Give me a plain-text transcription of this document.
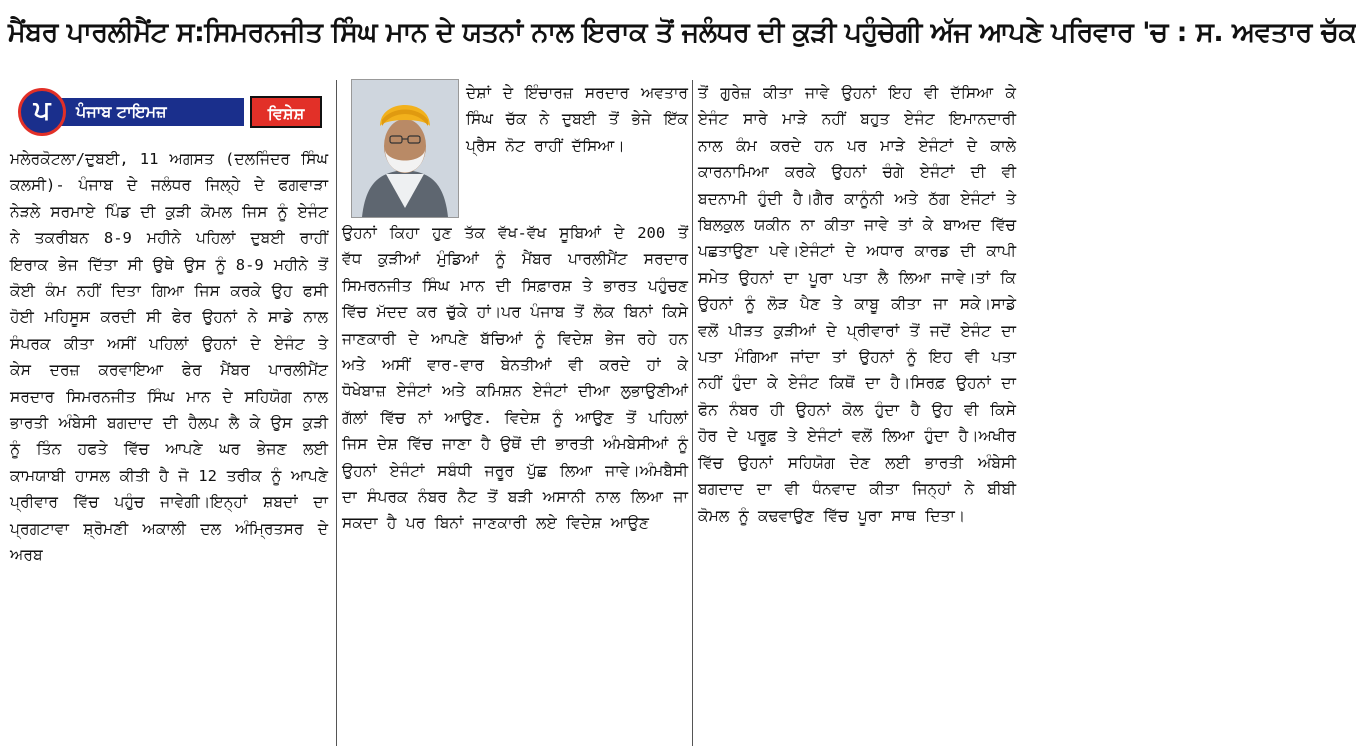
ਮੈਂਬਰ ਪਾਰਲੀਮੈਂਟ ਸ:ਸਿਮਰਨਜੀਤ ਸਿੰਘ ਮਾਨ ਦੇ ਯਤਨਾਂ ਨਾਲ ਇਰਾਕ ਤੋਂ ਜਲੰਧਰ ਦੀ ਕੁੜੀ ਪਹੁੰਚੇਗੀ ਅੱਜ ਆਪਣੇ ਪਰਿਵਾਰ 'ਚ : ਸ. ਅਵਤਾਰ ਚੱਕ
ਪੰਜਾਬ ਟਾਇਮਜ਼
ਪ	ਵਿਸ਼ੇਸ਼

ਮਲੇਰਕੋਟਲਾ/ਦੁਬਈ, 11 ਅਗਸਤ (ਦਲਜਿੰਦਰ ਸਿੰਘ ਕਲਸੀ)- ਪੰਜਾਬ ਦੇ ਜਲੰਧਰ ਜਿਲ੍ਹੇ ਦੇ ਫਗਵਾੜਾ ਨੇੜਲੇ ਸਰਮਾਏ ਪਿੰਡ ਦੀ ਕੁੜੀ ਕੋਮਲ ਜਿਸ ਨੂੰ ਏਜੰਟ ਨੇ ਤਕਰੀਬਨ 8-9 ਮਹੀਨੇ ਪਹਿਲਾਂ ਦੁਬਈ ਰਾਹੀਂ ਇਰਾਕ ਭੇਜ ਦਿੱਤਾ ਸੀ ਉਥੇ ਉਸ ਨੂੰ 8-9 ਮਹੀਨੇ ਤੋਂ ਕੋਈ ਕੰਮ ਨਹੀਂ ਦਿਤਾ ਗਿਆ ਜਿਸ ਕਰਕੇ ਉਹ ਫਸੀ ਹੋਈ ਮਹਿਸੂਸ ਕਰਦੀ ਸੀ ਫੇਰ ਉਹਨਾਂ ਨੇ ਸਾਡੇ ਨਾਲ ਸੰਪਰਕ ਕੀਤਾ ਅਸੀਂ ਪਹਿਲਾਂ ਉਹਨਾਂ ਦੇ ਏਜੰਟ ਤੇ ਕੇਸ ਦਰਜ਼ ਕਰਵਾਇਆ ਫੇਰ ਮੈਂਬਰ ਪਾਰਲੀਮੈਂਟ ਸਰਦਾਰ ਸਿਮਰਨਜੀਤ ਸਿੰਘ ਮਾਨ ਦੇ ਸਹਿਯੋਗ ਨਾਲ ਭਾਰਤੀ ਅੰਬੇਸੀ ਬਗਦਾਦ ਦੀ ਹੈਲਪ ਲੈ ਕੇ ਉਸ ਕੁੜੀ ਨੂੰ ਤਿੰਨ ਹਫਤੇ ਵਿੱਚ ਆਪਣੇ ਘਰ ਭੇਜਣ ਲਈ ਕਾਮਯਾਬੀ ਹਾਸਲ ਕੀਤੀ ਹੈ ਜੋ 12 ਤਰੀਕ ਨੂੰ ਆਪਣੇ ਪ੍ਰੀਵਾਰ ਵਿੱਚ ਪਹੁੰਚ ਜਾਵੇਗੀ।ਇਨ੍ਹਾਂ ਸ਼ਬਦਾਂ ਦਾ ਪ੍ਰਗਟਾਵਾ ਸ਼੍ਰੋਮਣੀ ਅਕਾਲੀ ਦਲ ਅੰਮ੍ਰਿਤਸਰ ਦੇ ਅਰਬ

ਦੇਸ਼ਾਂ ਦੇ ਇੰਚਾਰਜ਼ ਸਰਦਾਰ ਅਵਤਾਰ ਸਿੰਘ ਚੱਕ ਨੇ ਦੁਬਈ ਤੋਂ ਭੇਜੇ ਇੱਕ ਪ੍ਰੈਸ ਨੋਟ ਰਾਹੀਂ ਦੱਸਿਆ।

ਉਹਨਾਂ ਕਿਹਾ ਹੁਣ ਤੱਕ ਵੱਖ-ਵੱਖ ਸੂਬਿਆਂ ਦੇ 200 ਤੋਂ ਵੱਧ ਕੁੜੀਆਂ ਮੁੰਡਿਆਂ ਨੂੰ ਮੈਂਬਰ ਪਾਰਲੀਮੈਂਟ ਸਰਦਾਰ ਸਿਮਰਨਜੀਤ ਸਿੰਘ ਮਾਨ ਦੀ ਸਿਫ਼ਾਰਸ਼ ਤੇ ਭਾਰਤ ਪਹੁੰਚਣ ਵਿੱਚ ਮੱਦਦ ਕਰ ਚੁੱਕੇ ਹਾਂ।ਪਰ ਪੰਜਾਬ ਤੋਂ ਲੋਕ ਬਿਨਾਂ ਕਿਸੇ ਜਾਣਕਾਰੀ ਦੇ ਆਪਣੇ ਬੱਚਿਆਂ ਨੂੰ ਵਿਦੇਸ਼ ਭੇਜ ਰਹੇ ਹਨ ਅਤੇ ਅਸੀਂ ਵਾਰ-ਵਾਰ ਬੇਨਤੀਆਂ ਵੀ ਕਰਦੇ ਹਾਂ ਕੇ ਧੋਖੇਬਾਜ਼ ਏਜੰਟਾਂ ਅਤੇ ਕਮਿਸ਼ਨ ਏਜੰਟਾਂ ਦੀਆ ਲੁਭਾਉਣੀਆਂ ਗੱਲਾਂ ਵਿੱਚ ਨਾਂ ਆਉਣ. ਵਿਦੇਸ਼ ਨੂੰ ਆਉਣ ਤੋਂ ਪਹਿਲਾਂ ਜਿਸ ਦੇਸ਼ ਵਿੱਚ ਜਾਣਾ ਹੈ ਉਥੋਂ ਦੀ ਭਾਰਤੀ ਅੰਮਬੇਸੀਆਂ ਨੂੰ ਉਹਨਾਂ ਏਜੰਟਾਂ ਸਬੰਧੀ ਜਰੂਰ ਪੁੱਛ ਲਿਆ ਜਾਵੇ।ਅੰਮਬੈਸੀ ਦਾ ਸੰਪਰਕ ਨੰਬਰ ਨੈਟ ਤੋਂ ਬੜੀ ਅਸਾਨੀ ਨਾਲ ਲਿਆ ਜਾ ਸਕਦਾ ਹੈ ਪਰ ਬਿਨਾਂ ਜਾਣਕਾਰੀ ਲਏ ਵਿਦੇਸ਼ ਆਉਣ

ਤੋਂ ਗੁਰੇਜ਼ ਕੀਤਾ ਜਾਵੇ ਉਹਨਾਂ ਇਹ ਵੀ ਦੱਸਿਆ ਕੇ ਏਜੰਟ ਸਾਰੇ ਮਾੜੇ ਨਹੀਂ ਬਹੁਤ ਏਜੰਟ ਇਮਾਨਦਾਰੀ ਨਾਲ ਕੰਮ ਕਰਦੇ ਹਨ ਪਰ ਮਾੜੇ ਏਜੰਟਾਂ ਦੇ ਕਾਲੇ ਕਾਰਨਾਮਿਆ ਕਰਕੇ ਉਹਨਾਂ ਚੰਗੇ ਏਜੰਟਾਂ ਦੀ ਵੀ ਬਦਨਾਮੀ ਹੁੰਦੀ ਹੈ।ਗੈਰ ਕਾਨੂੰਨੀ ਅਤੇ ਠੱਗ ਏਜੰਟਾਂ ਤੇ ਬਿਲਕੁਲ ਯਕੀਨ ਨਾ ਕੀਤਾ ਜਾਵੇ ਤਾਂ ਕੇ ਬਾਅਦ ਵਿੱਚ ਪਛਤਾਉਣਾ ਪਵੇ।ਏਜੰਟਾਂ ਦੇ ਅਧਾਰ ਕਾਰਡ ਦੀ ਕਾਪੀ ਸਮੇਤ ਉਹਨਾਂ ਦਾ ਪੂਰਾ ਪਤਾ ਲੈ ਲਿਆ ਜਾਵੇ।ਤਾਂ ਕਿ ਉਹਨਾਂ ਨੂੰ ਲੋੜ ਪੈਣ ਤੇ ਕਾਬੂ ਕੀਤਾ ਜਾ ਸਕੇ।ਸਾਡੇ ਵਲੋਂ ਪੀੜਤ ਕੁੜੀਆਂ ਦੇ ਪ੍ਰੀਵਾਰਾਂ ਤੋਂ ਜਦੋਂ ਏਜੰਟ ਦਾ ਪਤਾ ਮੰਗਿਆ ਜਾਂਦਾ ਤਾਂ ਉਹਨਾਂ ਨੂੰ ਇਹ ਵੀ ਪਤਾ ਨਹੀਂ ਹੁੰਦਾ ਕੇ ਏਜੰਟ ਕਿਥੋਂ ਦਾ ਹੈ।ਸਿਰਫ਼ ਉਹਨਾਂ ਦਾ ਫੋਨ ਨੰਬਰ ਹੀ ਉਹਨਾਂ ਕੋਲ ਹੁੰਦਾ ਹੈ ਉਹ ਵੀ ਕਿਸੇ ਹੋਰ ਦੇ ਪਰੂਫ਼ ਤੇ ਏਜੰਟਾਂ ਵਲੋਂ ਲਿਆ ਹੁੰਦਾ ਹੈ।ਅਖੀਰ ਵਿੱਚ ਉਹਨਾਂ ਸਹਿਯੋਗ ਦੇਣ ਲਈ ਭਾਰਤੀ ਅੰਬੇਸੀ ਬਗਦਾਦ ਦਾ ਵੀ ਧੰਨਵਾਦ ਕੀਤਾ ਜਿਨ੍ਹਾਂ ਨੇ ਬੀਬੀ ਕੋਮਲ ਨੂੰ ਕਢਵਾਉਣ ਵਿੱਚ ਪੂਰਾ ਸਾਥ ਦਿਤਾ।
